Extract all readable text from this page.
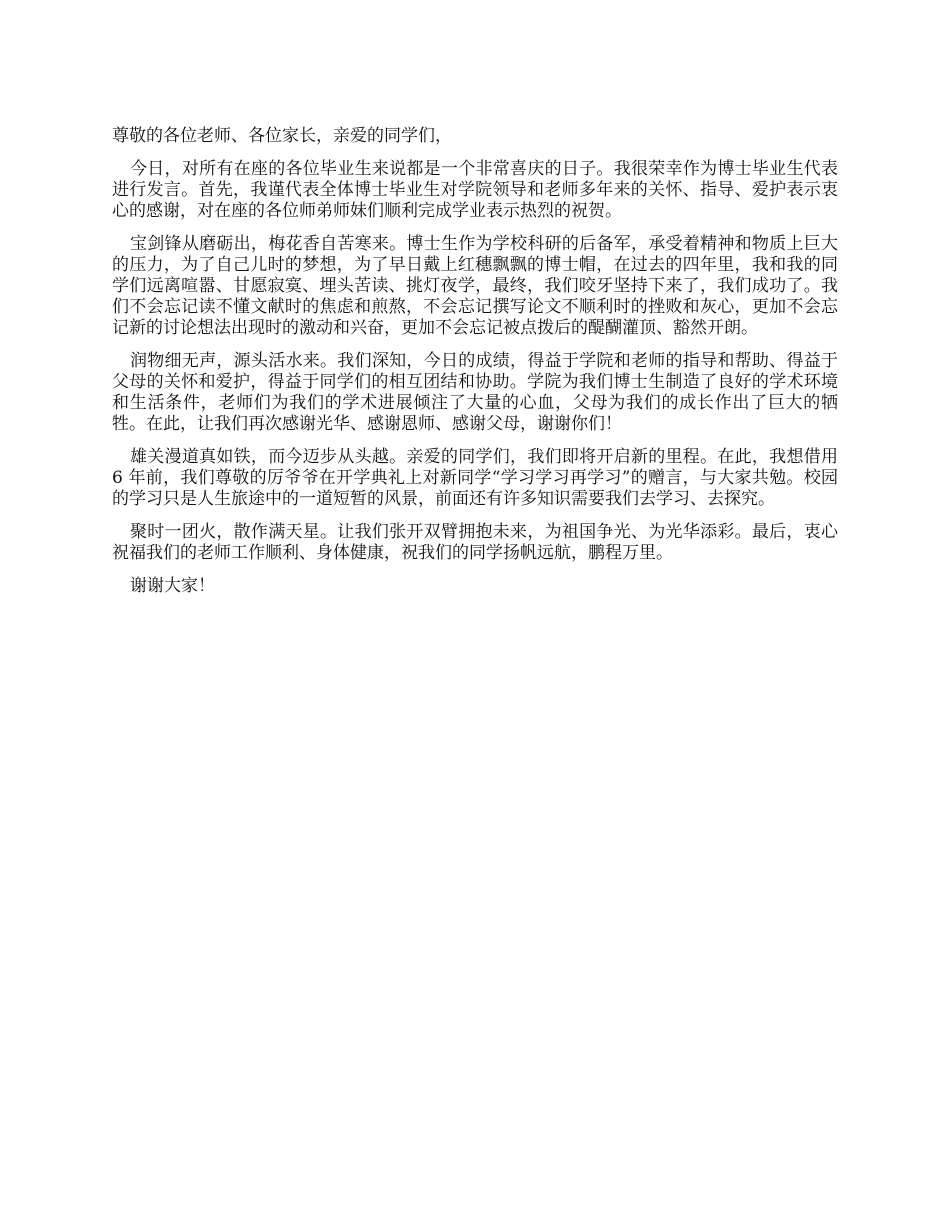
尊敬的各位老师、各位家长，亲爱的同学们，

今日，对所有在座的各位毕业生来说都是一个非常喜庆的日子。我很荣幸作为博士毕业生代表进行发言。首先，我谨代表全体博士毕业生对学院领导和老师多年来的关怀、指导、爱护表示衷心的感谢，对在座的各位师弟师妹们顺利完成学业表示热烈的祝贺。

宝剑锋从磨砺出，梅花香自苦寒来。博士生作为学校科研的后备军，承受着精神和物质上巨大的压力，为了自己儿时的梦想，为了早日戴上红穗飘飘的博士帽，在过去的四年里，我和我的同学们远离喧嚣、甘愿寂寞、埋头苦读、挑灯夜学，最终，我们咬牙坚持下来了，我们成功了。我们不会忘记读不懂文献时的焦虑和煎熬，不会忘记撰写论文不顺利时的挫败和灰心，更加不会忘记新的讨论想法出现时的激动和兴奋，更加不会忘记被点拨后的醍醐灌顶、豁然开朗。

润物细无声，源头活水来。我们深知，今日的成绩，得益于学院和老师的指导和帮助、得益于父母的关怀和爱护，得益于同学们的相互团结和协助。学院为我们博士生制造了良好的学术环境和生活条件，老师们为我们的学术进展倾注了大量的心血，父母为我们的成长作出了巨大的牺牲。在此，让我们再次感谢光华、感谢恩师、感谢父母，谢谢你们！

雄关漫道真如铁，而今迈步从头越。亲爱的同学们，我们即将开启新的里程。在此，我想借用 6 年前，我们尊敬的厉爷爷在开学典礼上对新同学“学习学习再学习”的赠言，与大家共勉。校园的学习只是人生旅途中的一道短暂的风景，前面还有许多知识需要我们去学习、去探究。

聚时一团火，散作满天星。让我们张开双臂拥抱未来，为祖国争光、为光华添彩。最后，衷心祝福我们的老师工作顺利、身体健康，祝我们的同学扬帆远航，鹏程万里。

谢谢大家！
